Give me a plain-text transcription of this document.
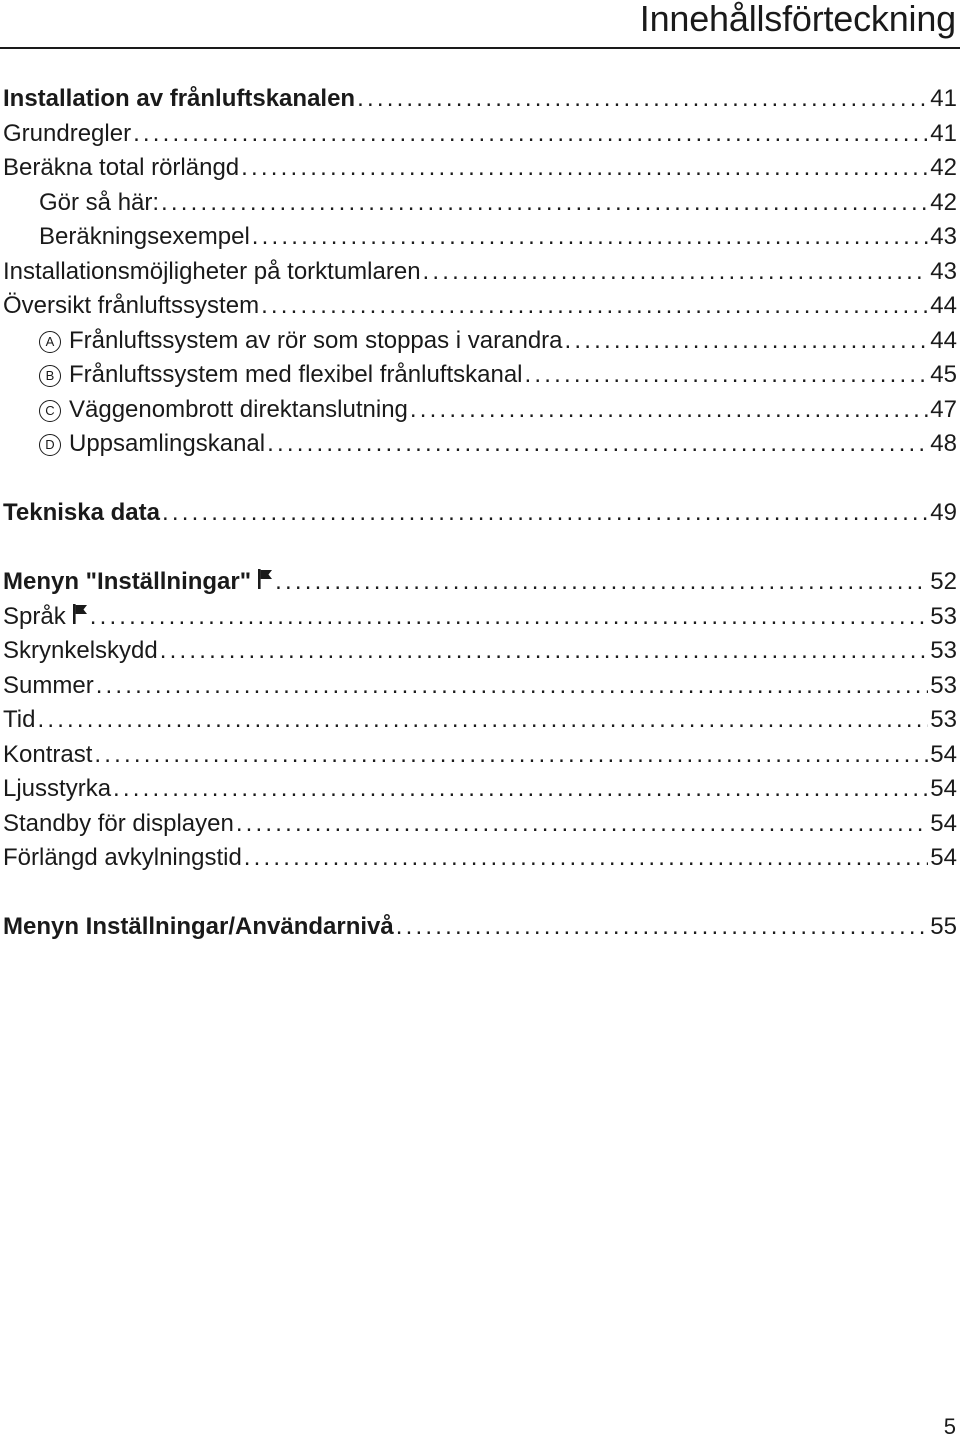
Innehållsförteckning
Installation av frånluftskanalen .....	41
Grundregler .....	41
Beräkna total rörlängd .....	42
Gör så här: .....	42
Beräkningsexempel .....	43
Installationsmöjligheter på torktumlaren .....	43
Översikt frånluftssystem .....	44
A Frånluftssystem av rör som stoppas i varandra .....	44
B Frånluftssystem med flexibel frånluftskanal .....	45
C Väggenombrott direktanslutning .....	47
D Uppsamlingskanal .....	48
Tekniska data .....	49
Menyn "Inställningar" .....	52
Språk .....	53
Skrynkelskydd .....	53
Summer .....	53
Tid .....	53
Kontrast .....	54
Ljusstyrka .....	54
Standby för displayen .....	54
Förlängd avkylningstid .....	54
Menyn Inställningar/Användarnivå .....	55
5
